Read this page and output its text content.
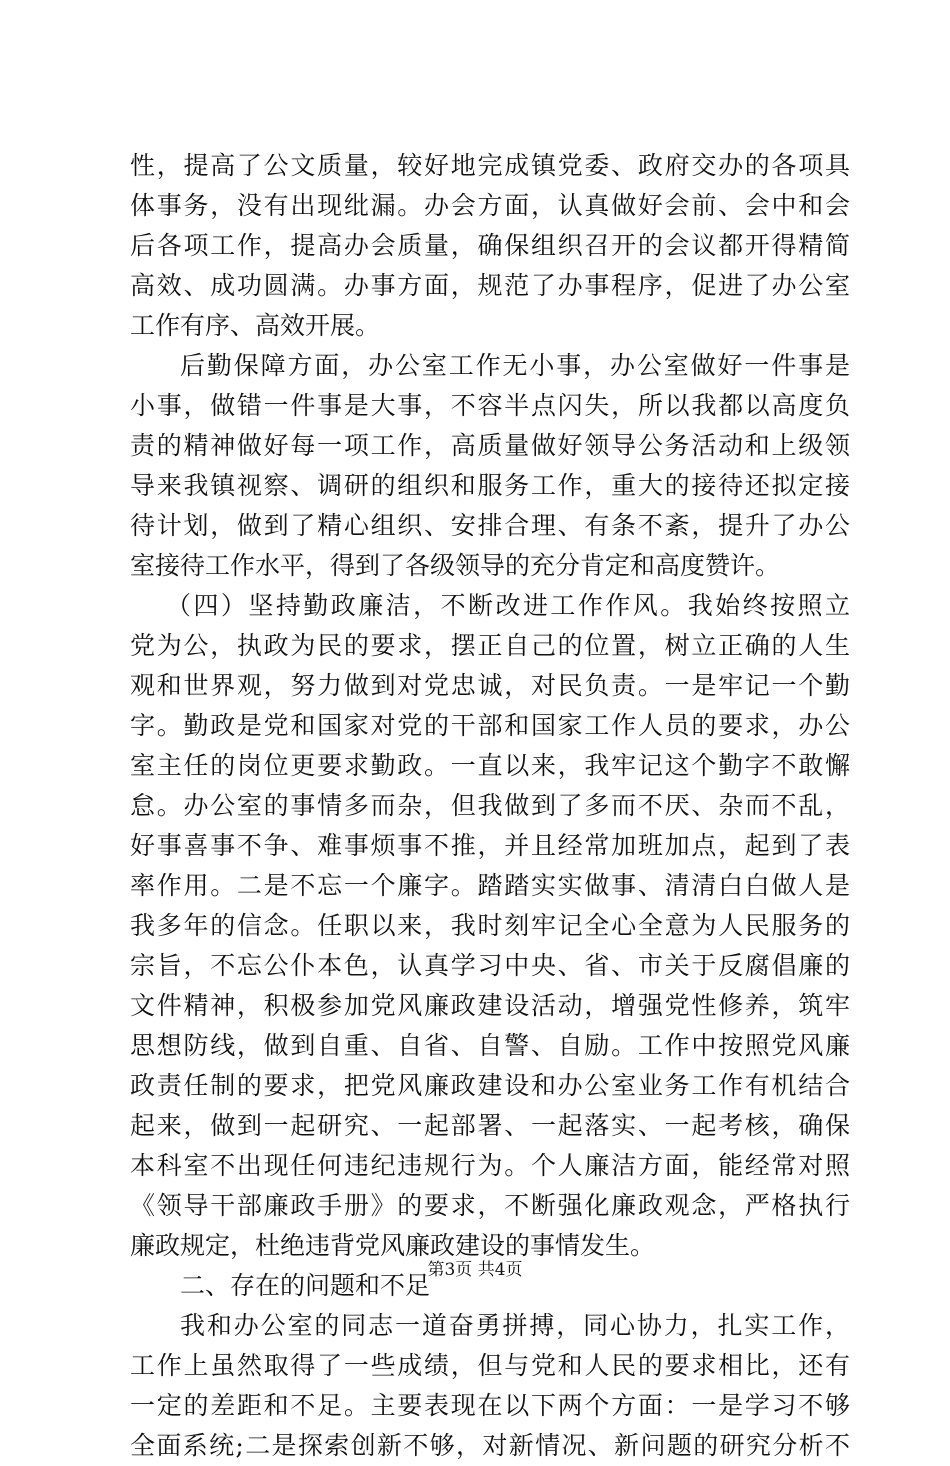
性，提高了公文质量，较好地完成镇党委、政府交办的各项具
体事务，没有出现纰漏。办会方面，认真做好会前、会中和会
后各项工作，提高办会质量，确保组织召开的会议都开得精简
高效、成功圆满。办事方面，规范了办事程序，促进了办公室
工作有序、高效开展。
后勤保障方面，办公室工作无小事，办公室做好一件事是
小事，做错一件事是大事，不容半点闪失，所以我都以高度负
责的精神做好每一项工作，高质量做好领导公务活动和上级领
导来我镇视察、调研的组织和服务工作，重大的接待还拟定接
待计划，做到了精心组织、安排合理、有条不紊，提升了办公
室接待工作水平，得到了各级领导的充分肯定和高度赞许。
（四）坚持勤政廉洁，不断改进工作作风。我始终按照立
党为公，执政为民的要求，摆正自己的位置，树立正确的人生
观和世界观，努力做到对党忠诚，对民负责。一是牢记一个勤
字。勤政是党和国家对党的干部和国家工作人员的要求，办公
室主任的岗位更要求勤政。一直以来，我牢记这个勤字不敢懈
怠。办公室的事情多而杂，但我做到了多而不厌、杂而不乱，
好事喜事不争、难事烦事不推，并且经常加班加点，起到了表
率作用。二是不忘一个廉字。踏踏实实做事、清清白白做人是
我多年的信念。任职以来，我时刻牢记全心全意为人民服务的
宗旨，不忘公仆本色，认真学习中央、省、市关于反腐倡廉的
文件精神，积极参加党风廉政建设活动，增强党性修养，筑牢
思想防线，做到自重、自省、自警、自励。工作中按照党风廉
政责任制的要求，把党风廉政建设和办公室业务工作有机结合
起来，做到一起研究、一起部署、一起落实、一起考核，确保
本科室不出现任何违纪违规行为。个人廉洁方面，能经常对照
《领导干部廉政手册》的要求，不断强化廉政观念，严格执行
廉政规定，杜绝违背党风廉政建设的事情发生。
二、存在的问题和不足
我和办公室的同志一道奋勇拼搏，同心协力，扎实工作，
工作上虽然取得了一些成绩，但与党和人民的要求相比，还有
一定的差距和不足。主要表现在以下两个方面：一是学习不够
全面系统;二是探索创新不够，对新情况、新问题的研究分析不
第3页 共4页
